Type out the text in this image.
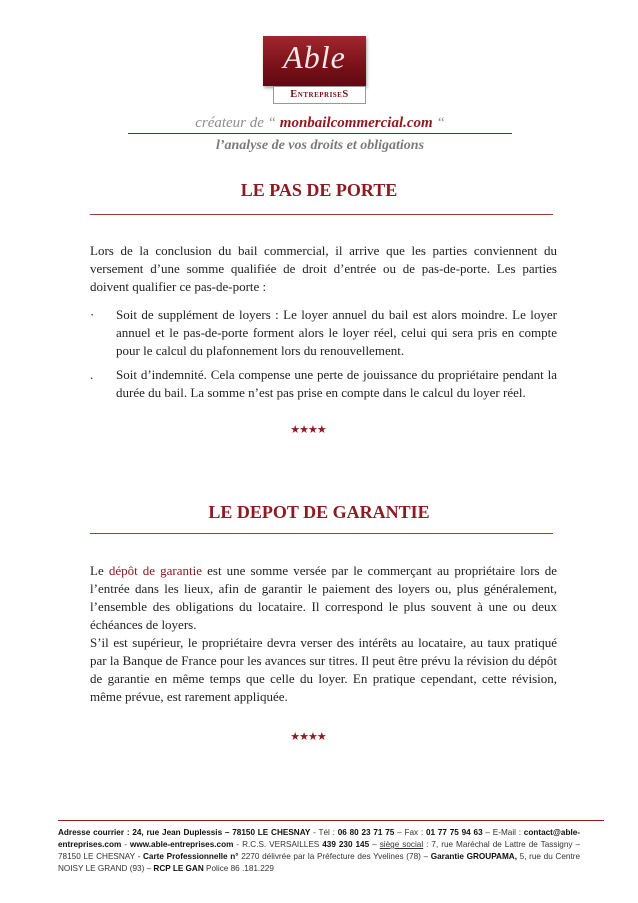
Able
EntrepriseS
créateur de “ monbailcommercial.com “
l’analyse de vos droits et obligations
LE PAS DE PORTE
Lors de la conclusion du bail commercial, il arrive que les parties conviennent du versement d’une somme qualifiée de droit d’entrée ou de pas-de-porte. Les parties doivent qualifier ce pas-de-porte :
· Soit de supplément de loyers : Le loyer annuel du bail est alors moindre. Le loyer annuel et le pas-de-porte forment alors le loyer réel, celui qui sera pris en compte pour le calcul du plafonnement lors du renouvellement.
. Soit d’indemnité. Cela compense une perte de jouissance du propriétaire pendant la durée du bail. La somme n’est pas prise en compte dans le calcul du loyer réel.
★★★★
LE DEPOT DE GARANTIE
Le dépôt de garantie est une somme versée par le commerçant au propriétaire lors de l’entrée dans les lieux, afin de garantir le paiement des loyers ou, plus généralement, l’ensemble des obligations du locataire. Il correspond le plus souvent à une ou deux échéances de loyers.
S’il est supérieur, le propriétaire devra verser des intérêts au locataire, au taux pratiqué par la Banque de France pour les avances sur titres. Il peut être prévu la révision du dépôt de garantie en même temps que celle du loyer. En pratique cependant, cette révision, même prévue, est rarement appliquée.
★★★★
Adresse courrier : 24, rue Jean Duplessis – 78150 LE CHESNAY - Tél : 06 80 23 71 75 – Fax : 01 77 75 94 63 – E-Mail : contact@able-entreprises.com - www.able-entreprises.com - R.C.S. VERSAILLES 439 230 145 – siège social : 7, rue Maréchal de Lattre de Tassigny – 78150 LE CHESNAY - Carte Professionnelle n° 2270 délivrée par la Préfecture des Yvelines (78) – Garantie GROUPAMA, 5, rue du Centre NOISY LE GRAND (93) – RCP LE GAN Police 86 .181.229
